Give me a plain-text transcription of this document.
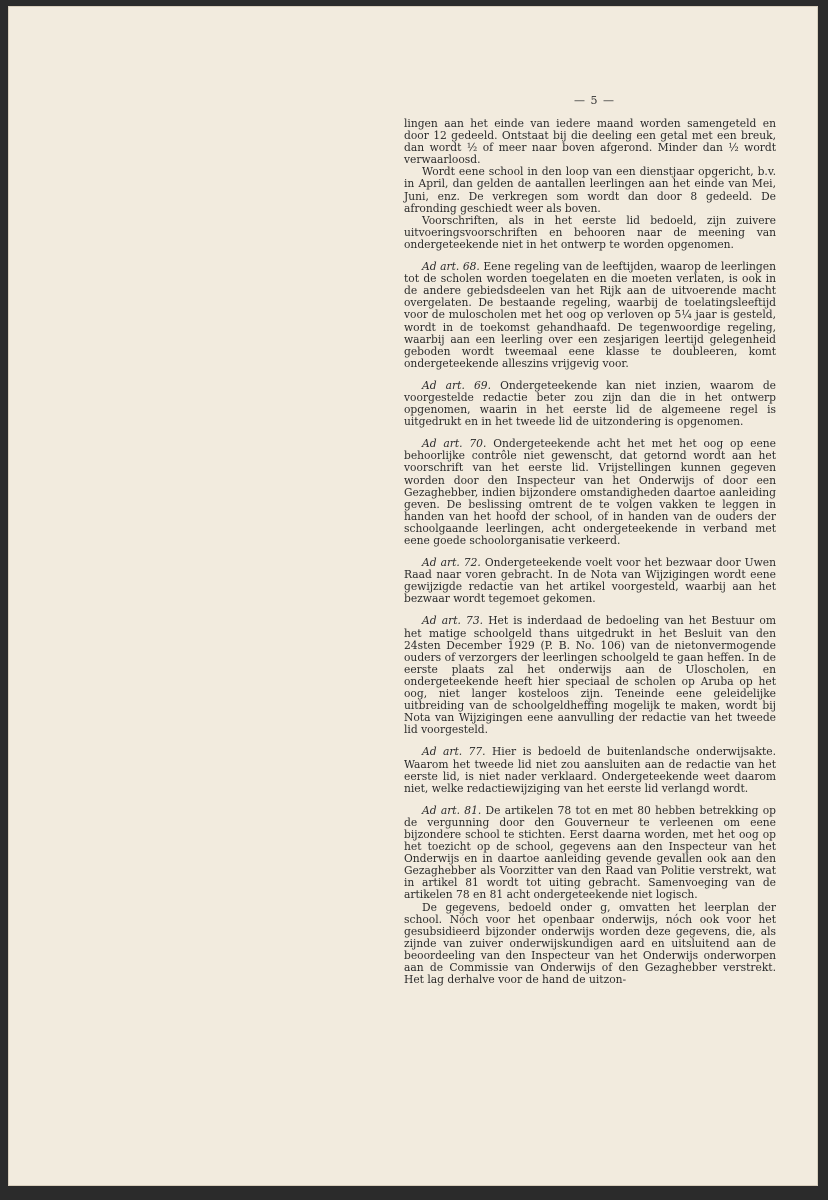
— 5 —

lingen aan het einde van iedere maand worden samengeteld en door 12 gedeeld. Ontstaat bij die deeling een getal met een breuk, dan wordt ½ of meer naar boven afgerond. Minder dan ½ wordt verwaarloosd.

Wordt eene school in den loop van een dienstjaar opgericht, b.v. in April, dan gelden de aantallen leerlingen aan het einde van Mei, Juni, enz. De verkregen som wordt dan door 8 gedeeld. De afronding geschiedt weer als boven.

Voorschriften, als in het eerste lid bedoeld, zijn zuivere uitvoeringsvoorschriften en behooren naar de meening van ondergeteekende niet in het ontwerp te worden opgenomen.

Ad art. 68. Eene regeling van de leeftijden, waarop de leerlingen tot de scholen worden toegelaten en die moeten verlaten, is ook in de andere gebiedsdeelen van het Rijk aan de uitvoerende macht overgelaten. De bestaande regeling, waarbij de toelatingsleeftijd voor de muloscholen met het oog op verloven op 5¼ jaar is gesteld, wordt in de toekomst gehandhaafd. De tegenwoordige regeling, waarbij aan een leerling over een zesjarigen leertijd gelegenheid geboden wordt tweemaal eene klasse te doubleeren, komt ondergeteekende alleszins vrijgevig voor.

Ad art. 69. Ondergeteekende kan niet inzien, waarom de voorgestelde redactie beter zou zijn dan die in het ontwerp opgenomen, waarin in het eerste lid de algemeene regel is uitgedrukt en in het tweede lid de uitzondering is opgenomen.

Ad art. 70. Ondergeteekende acht het met het oog op eene behoorlijke contrôle niet gewenscht, dat getornd wordt aan het voorschrift van het eerste lid. Vrijstellingen kunnen gegeven worden door den Inspecteur van het Onderwijs of door een Gezaghebber, indien bijzondere omstandigheden daartoe aanleiding geven. De beslissing omtrent de te volgen vakken te leggen in handen van het hoofd der school, of in handen van de ouders der schoolgaande leerlingen, acht ondergeteekende in verband met eene goede schoolorganisatie verkeerd.

Ad art. 72. Ondergeteekende voelt voor het bezwaar door Uwen Raad naar voren gebracht. In de Nota van Wijzigingen wordt eene gewijzigde redactie van het artikel voorgesteld, waarbij aan het bezwaar wordt tegemoet gekomen.

Ad art. 73. Het is inderdaad de bedoeling van het Bestuur om het matige schoolgeld thans uitgedrukt in het Besluit van den 24sten December 1929 (P. B. No. 106) van de nietonvermogende ouders of verzorgers der leerlingen schoolgeld te gaan heffen. In de eerste plaats zal het onderwijs aan de Uloscholen, en ondergeteekende heeft hier speciaal de scholen op Aruba op het oog, niet langer kosteloos zijn. Teneinde eene geleidelijke uitbreiding van de schoolgeldheffing mogelijk te maken, wordt bij Nota van Wijzigingen eene aanvulling der redactie van het tweede lid voorgesteld.

Ad art. 77. Hier is bedoeld de buitenlandsche onderwijsakte. Waarom het tweede lid niet zou aansluiten aan de redactie van het eerste lid, is niet nader verklaard. Ondergeteekende weet daarom niet, welke redactiewijziging van het eerste lid verlangd wordt.

Ad art. 81. De artikelen 78 tot en met 80 hebben betrekking op de vergunning door den Gouverneur te verleenen om eene bijzondere school te stichten. Eerst daarna worden, met het oog op het toezicht op de school, gegevens aan den Inspecteur van het Onderwijs en in daartoe aanleiding gevende gevallen ook aan den Gezaghebber als Voorzitter van den Raad van Politie verstrekt, wat in artikel 81 wordt tot uiting gebracht. Samenvoeging van de artikelen 78 en 81 acht ondergeteekende niet logisch.

De gegevens, bedoeld onder g, omvatten het leerplan der school. Nóch voor het openbaar onderwijs, nóch ook voor het gesubsidieerd bijzonder onderwijs worden deze gegevens, die, als zijnde van zuiver onderwijskundigen aard en uitsluitend aan de beoordeeling van den Inspecteur van het Onderwijs onderworpen aan de Commissie van Onderwijs of den Gezaghebber verstrekt. Het lag derhalve voor de hand de uitzon-
